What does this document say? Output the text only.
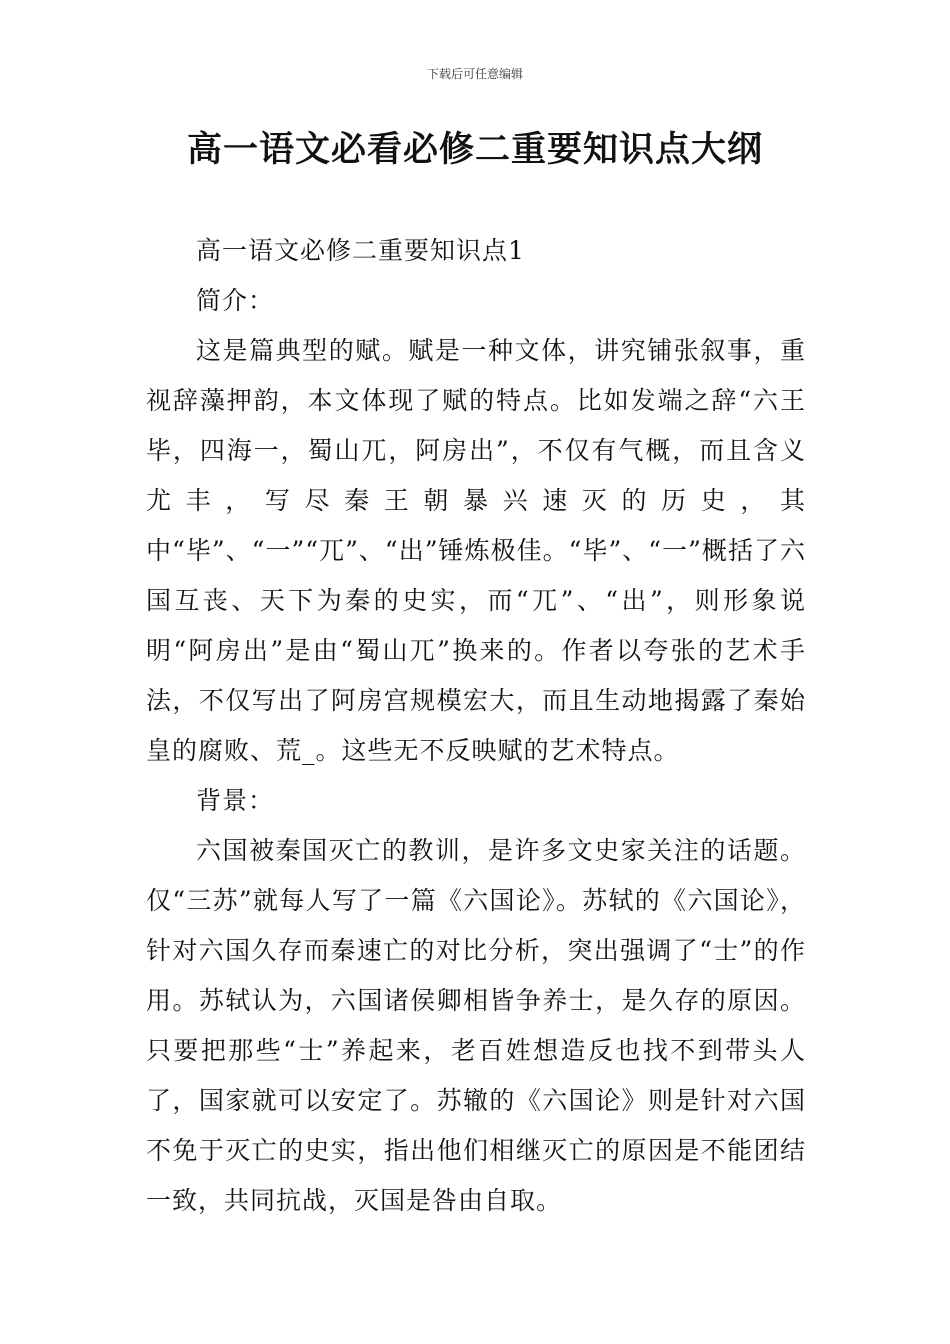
下载后可任意编辑
高一语文必看必修二重要知识点大纲

高一语文必修二重要知识点1

简介：

这是篇典型的赋。赋是一种文体，讲究铺张叙事，重视辞藻押韵，本文体现了赋的特点。比如发端之辞“六王毕，四海一，蜀山兀，阿房出”，不仅有气概，而且含义尤丰，写尽秦王朝暴兴速灭的历史，其中“毕”、“一”“兀”、“出”锤炼极佳。“毕”、“一”概括了六国互丧、天下为秦的史实，而“兀”、“出”，则形象说明“阿房出”是由“蜀山兀”换来的。作者以夸张的艺术手法，不仅写出了阿房宫规模宏大，而且生动地揭露了秦始皇的腐败、荒_。这些无不反映赋的艺术特点。

背景：

六国被秦国灭亡的教训，是许多文史家关注的话题。仅“三苏”就每人写了一篇《六国论》。苏轼的《六国论》，针对六国久存而秦速亡的对比分析，突出强调了“士”的作用。苏轼认为，六国诸侯卿相皆争养士，是久存的原因。只要把那些“士”养起来，老百姓想造反也找不到带头人了，国家就可以安定了。苏辙的《六国论》则是针对六国不免于灭亡的史实，指出他们相继灭亡的原因是不能团结一致，共同抗战，灭国是咎由自取。
